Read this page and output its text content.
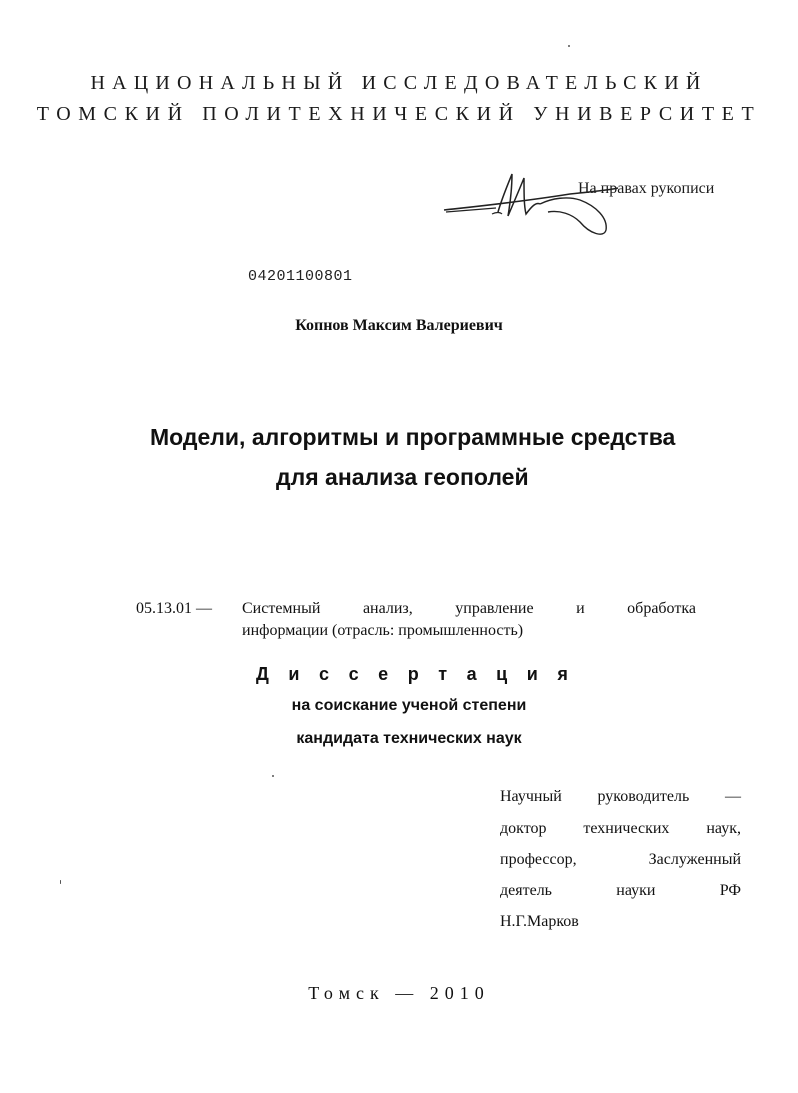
НАЦИОНАЛЬНЫЙ ИССЛЕДОВАТЕЛЬСКИЙ
ТОМСКИЙ ПОЛИТЕХНИЧЕСКИЙ УНИВЕРСИТЕТ
На правах рукописи
04201100801
Копнов Максим Валериевич
Модели, алгоритмы и программные средства
для анализа геополей
05.13.01 — Системный	анализ,	управление	и	обработка
информации (отрасль: промышленность)
Д и с с е р т а ц и я
на соискание ученой степени
кандидата технических наук
Научный руководитель —
доктор технических наук,
профессор,	Заслуженный
деятель	науки	РФ
Н.Г.Марков
Томск — 2010
